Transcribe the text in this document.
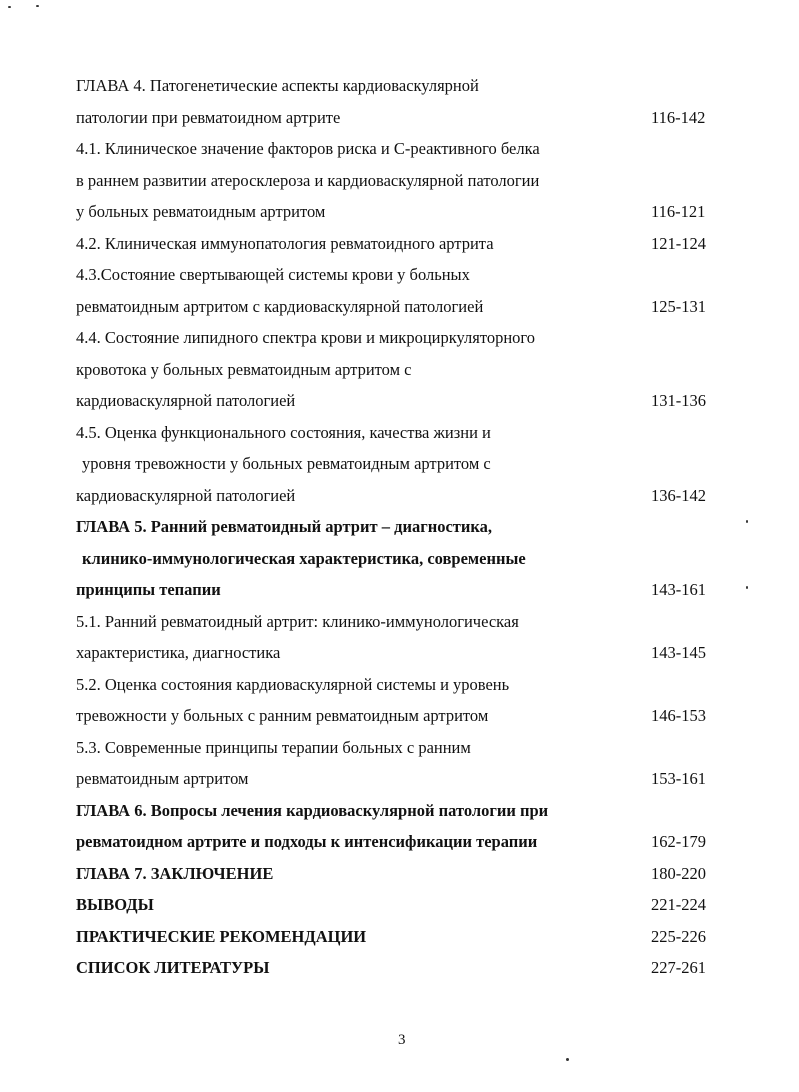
ГЛАВА 4. Патогенетические аспекты кардиоваскулярной
патологии при ревматоидном артрите	116-142
4.1. Клиническое значение факторов риска и С-реактивного белка
в раннем развитии атеросклероза и кардиоваскулярной патологии
у больных ревматоидным артритом	116-121
4.2. Клиническая иммунопатология ревматоидного артрита	121-124
4.3.Состояние свертывающей системы крови у больных
ревматоидным артритом с кардиоваскулярной патологией	125-131
4.4. Состояние липидного спектра крови и микроциркуляторного
кровотока у больных ревматоидным артритом с
кардиоваскулярной патологией	131-136
4.5. Оценка функционального состояния, качества жизни и
уровня тревожности у больных ревматоидным артритом с
кардиоваскулярной патологией	136-142
ГЛАВА 5. Ранний ревматоидный артрит – диагностика,
клинико-иммунологическая характеристика, современные
принципы тепапии	143-161
5.1. Ранний ревматоидный артрит: клинико-иммунологическая
характеристика, диагностика	143-145
5.2. Оценка состояния кардиоваскулярной системы и уровень
тревожности у больных с ранним ревматоидным артритом	146-153
5.3. Современные принципы терапии больных с ранним
ревматоидным артритом	153-161
ГЛАВА 6. Вопросы лечения кардиоваскулярной патологии при
ревматоидном артрите и подходы к интенсификации терапии	162-179
ГЛАВА 7. ЗАКЛЮЧЕНИЕ	180-220
ВЫВОДЫ	221-224
ПРАКТИЧЕСКИЕ РЕКОМЕНДАЦИИ	225-226
СПИСОК ЛИТЕРАТУРЫ	227-261
3
